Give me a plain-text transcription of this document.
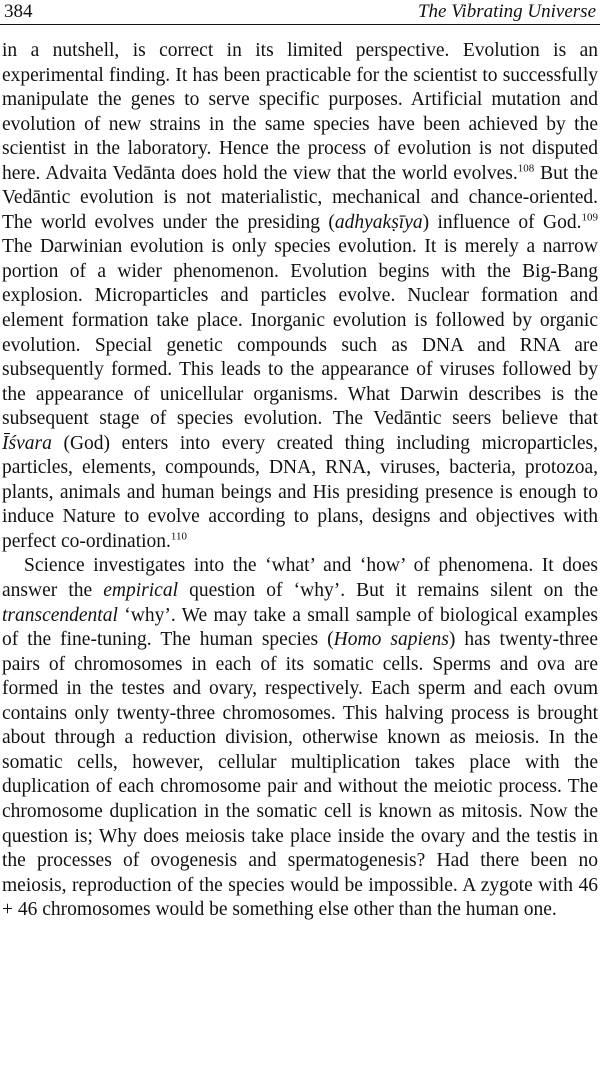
384	The Vibrating Universe

in a nutshell, is correct in its limited perspective. Evolution is an experimental finding. It has been practicable for the scientist to successfully manipulate the genes to serve specific purposes. Artificial mutation and evolution of new strains in the same species have been achieved by the scientist in the laboratory. Hence the process of evolution is not disputed here. Advaita Vedānta does hold the view that the world evolves.$^{108}$ But the Vedāntic evolution is not materialistic, mechanical and chance-oriented. The world evolves under the presiding (adhyakṣīya) influence of God.$^{109}$ The Darwinian evolution is only species evolution. It is merely a narrow portion of a wider phenomenon. Evolution begins with the Big-Bang explosion. Microparticles and particles evolve. Nuclear formation and element formation take place. Inorganic evolution is followed by organic evolution. Special genetic compounds such as DNA and RNA are subsequently formed. This leads to the appearance of viruses followed by the appearance of unicellular organisms. What Darwin describes is the subsequent stage of species evolution. The Vedāntic seers believe that Īśvara (God) enters into every created thing including microparticles, particles, elements, compounds, DNA, RNA, viruses, bacteria, protozoa, plants, animals and human beings and His presiding presence is enough to induce Nature to evolve according to plans, designs and objectives with perfect co-ordination.$^{110}$

Science investigates into the ‘what’ and ‘how’ of phenomena. It does answer the empirical question of ‘why’. But it remains silent on the transcendental ‘why’. We may take a small sample of biological examples of the fine-tuning. The human species (Homo sapiens) has twenty-three pairs of chromosomes in each of its somatic cells. Sperms and ova are formed in the testes and ovary, respectively. Each sperm and each ovum contains only twenty-three chromosomes. This halving process is brought about through a reduction division, otherwise known as meiosis. In the somatic cells, however, cellular multiplication takes place with the duplication of each chromosome pair and without the meiotic process. The chromosome duplication in the somatic cell is known as mitosis. Now the question is; Why does meiosis take place inside the ovary and the testis in the processes of ovogenesis and spermatogenesis? Had there been no meiosis, reproduction of the species would be impossible. A zygote with 46 + 46 chromosomes would be something else other than the human one.
